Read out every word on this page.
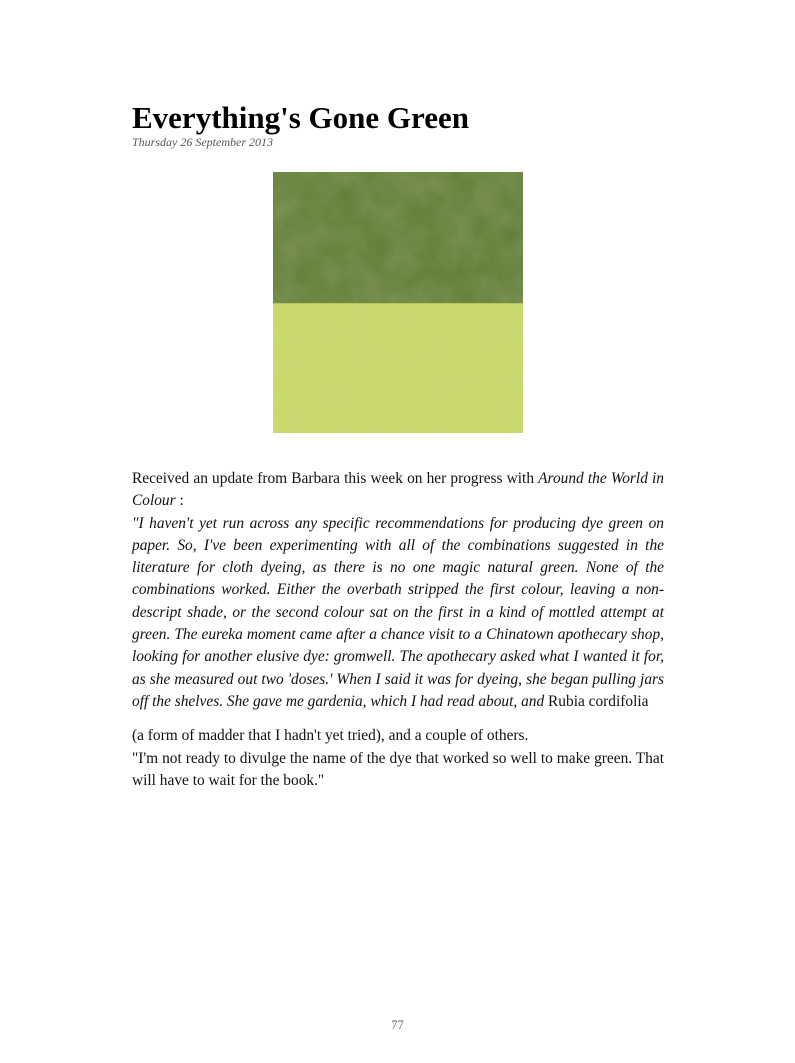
Everything's Gone Green
Thursday 26 September 2013

Received an update from Barbara this week on her progress with Around the World in Colour :
"I haven't yet run across any specific recommendations for producing dye green on paper. So, I've been experimenting with all of the combinations suggested in the literature for cloth dyeing, as there is no one magic natural green. None of the combinations worked. Either the overbath stripped the first colour, leaving a non-descript shade, or the second colour sat on the first in a kind of mottled attempt at green. The eureka moment came after a chance visit to a Chinatown apothecary shop, looking for another elusive dye: gromwell. The apothecary asked what I wanted it for, as she measured out two 'doses.' When I said it was for dyeing, she began pulling jars off the shelves. She gave me gardenia, which I had read about, and Rubia cordifolia

(a form of madder that I hadn't yet tried), and a couple of others.
"I'm not ready to divulge the name of the dye that worked so well to make green. That will have to wait for the book."

77
